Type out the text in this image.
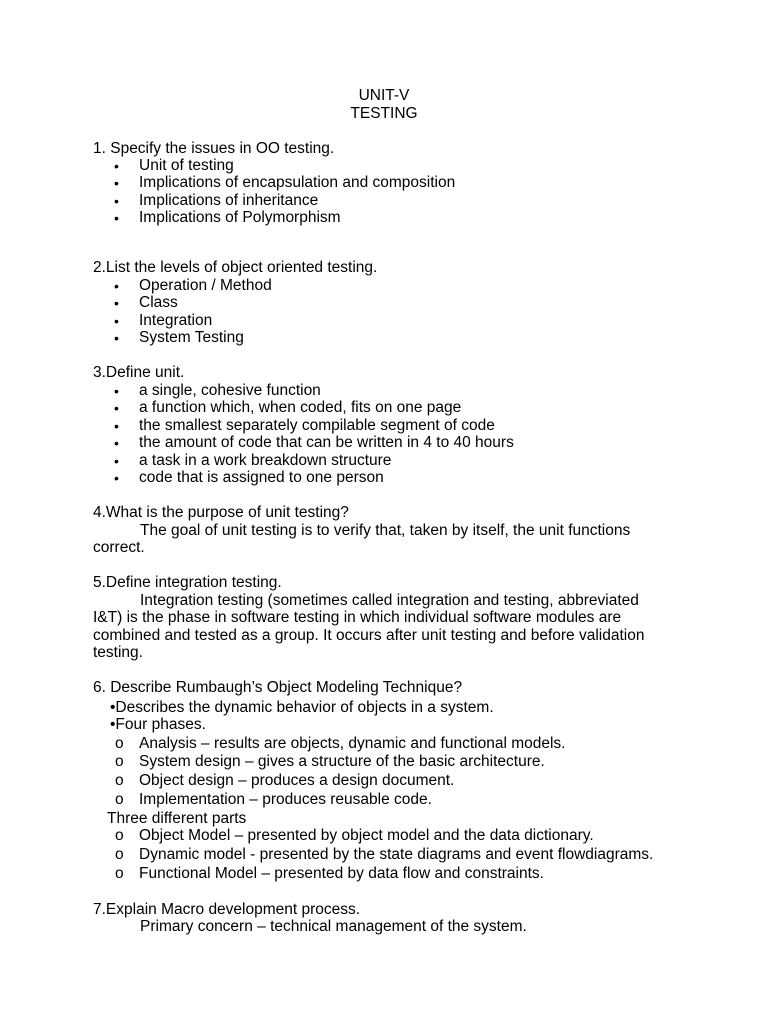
UNIT-V
TESTING
1. Specify the issues in OO testing.
• Unit of testing
• Implications of encapsulation and composition
• Implications of inheritance
• Implications of Polymorphism
2.List the levels of object oriented testing.
• Operation / Method
• Class
• Integration
• System Testing
3.Define unit.
• a single, cohesive function
• a function which, when coded, fits on one page
• the smallest separately compilable segment of code
• the amount of code that can be written in 4 to 40 hours
• a task in a work breakdown structure
• code that is assigned to one person
4.What is the purpose of unit testing?
The goal of unit testing is to verify that, taken by itself, the unit functions
correct.
5.Define integration testing.
Integration testing (sometimes called integration and testing, abbreviated
I&T) is the phase in software testing in which individual software modules are
combined and tested as a group. It occurs after unit testing and before validation
testing.
6. Describe Rumbaugh’s Object Modeling Technique?
•Describes the dynamic behavior of objects in a system.
•Four phases.
o Analysis – results are objects, dynamic and functional models.
o System design – gives a structure of the basic architecture.
o Object design – produces a design document.
o Implementation – produces reusable code.
Three different parts
o Object Model – presented by object model and the data dictionary.
o Dynamic model - presented by the state diagrams and event flowdiagrams.
o Functional Model – presented by data flow and constraints.
7.Explain Macro development process.
Primary concern – technical management of the system.
